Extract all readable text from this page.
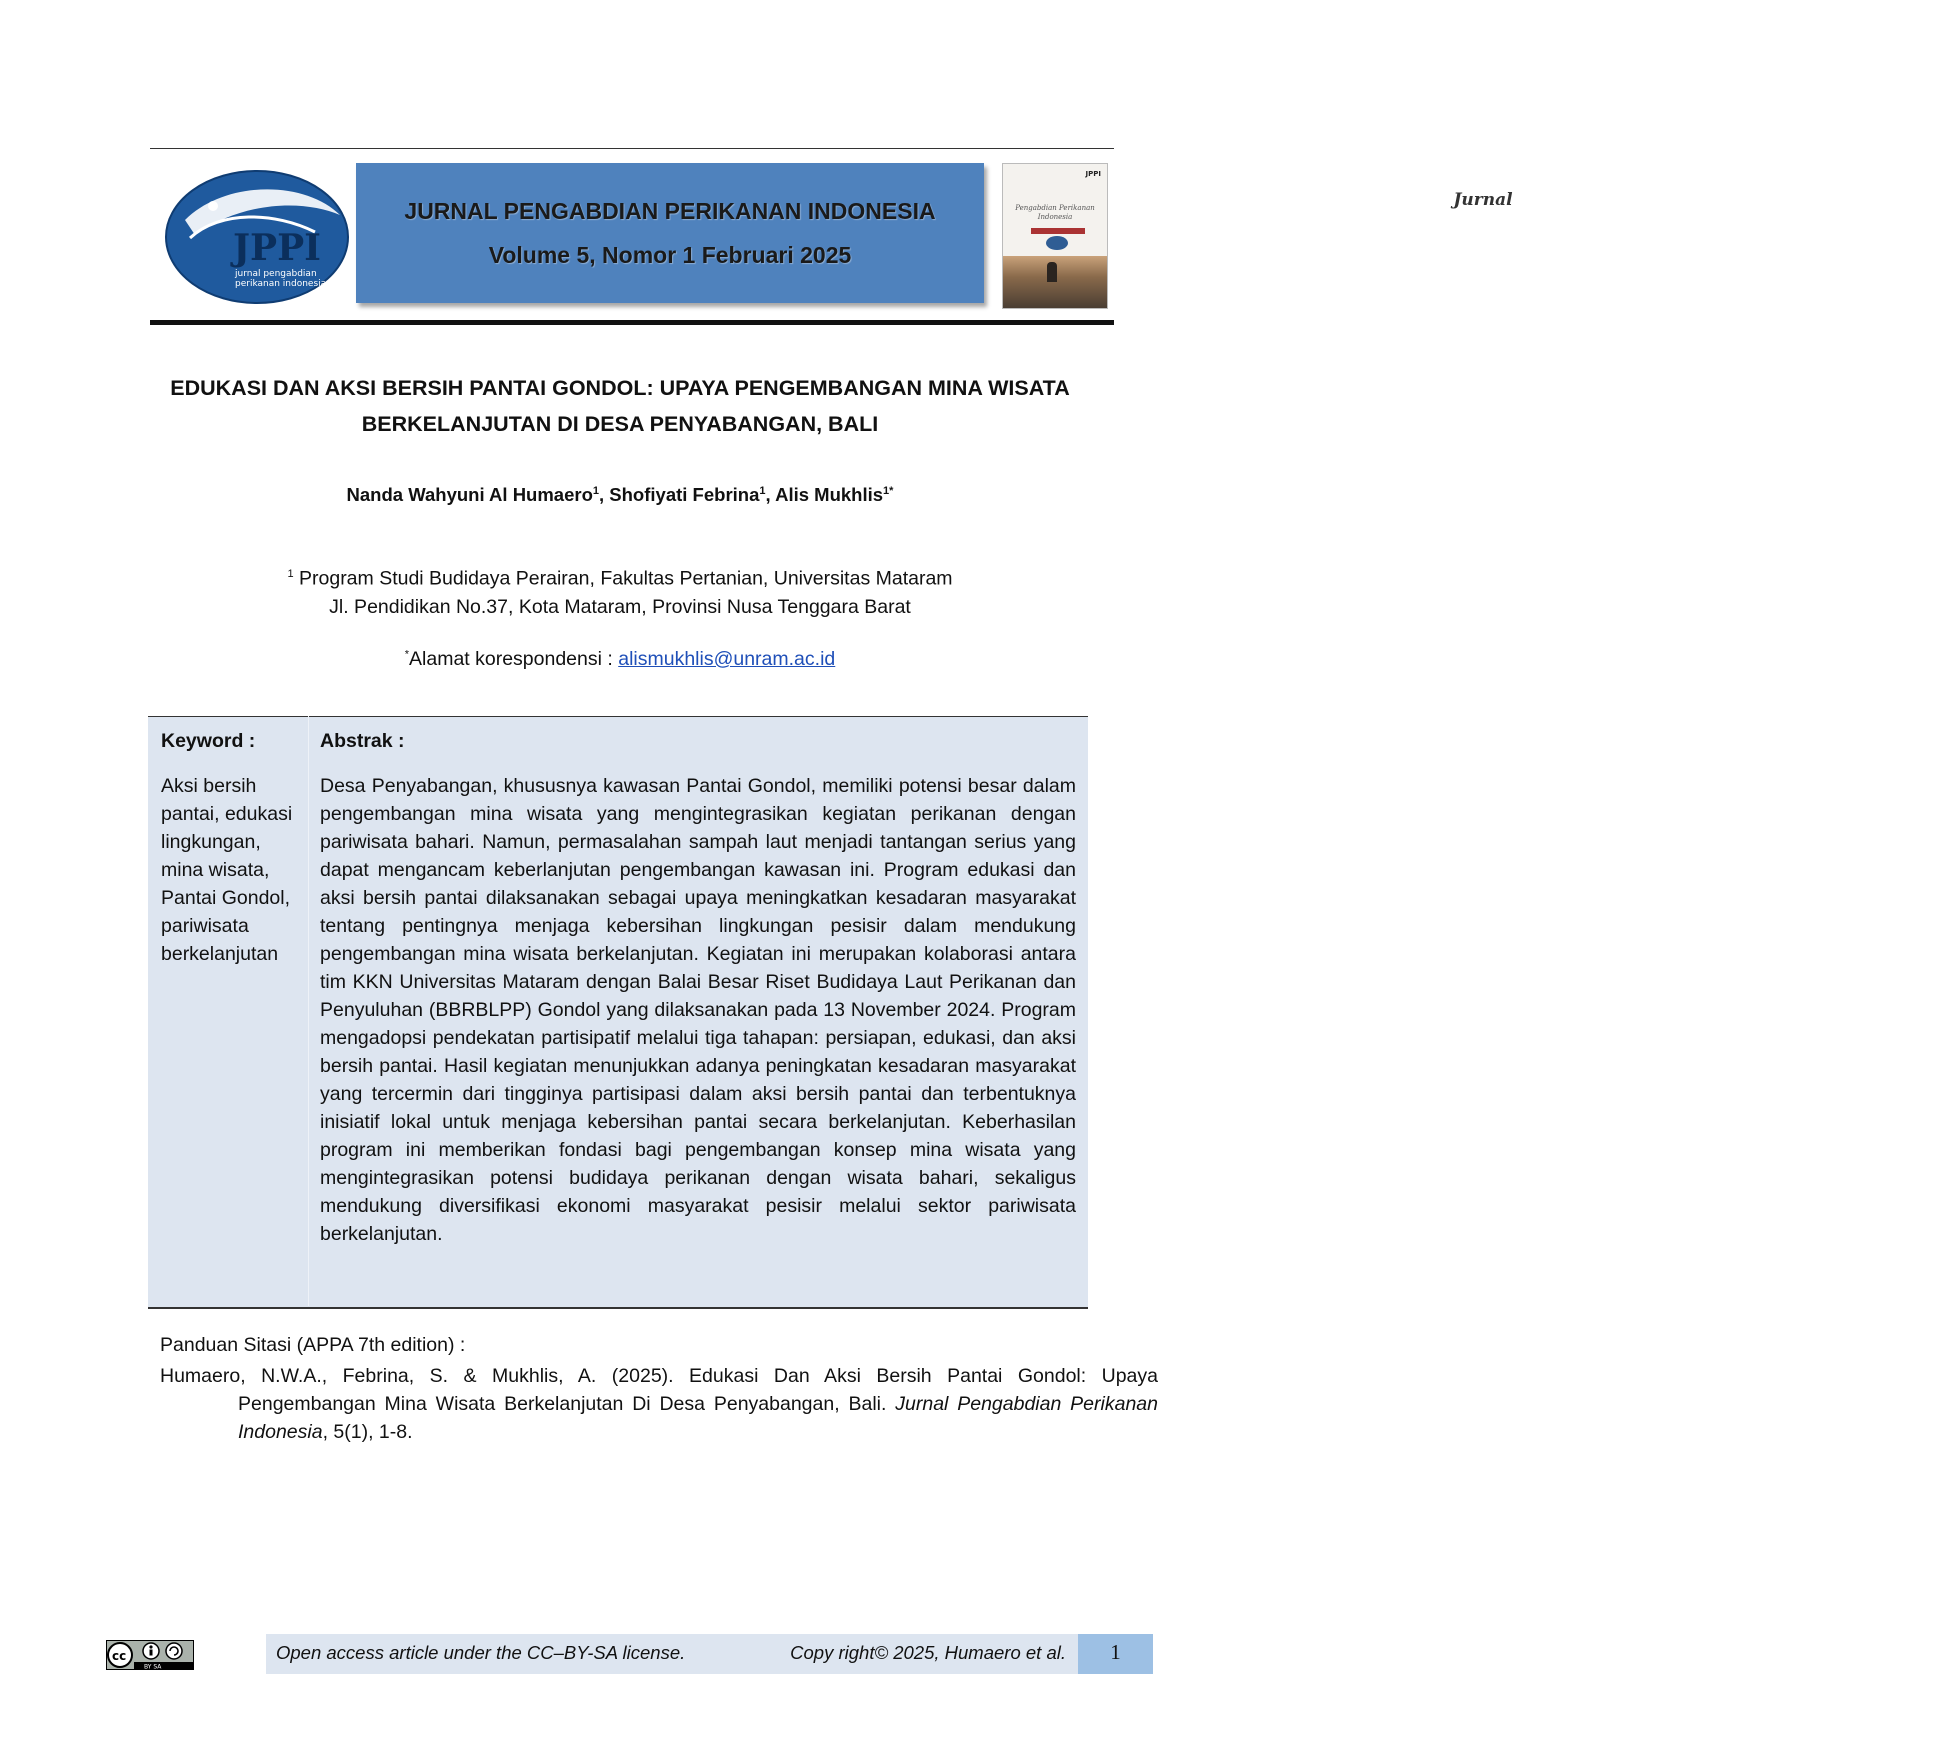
JPPI
jurnal pengabdian
perikanan indonesia
JURNAL PENGABDIAN PERIKANAN INDONESIA
Volume 5, Nomor 1 Februari 2025
JPPI
Jurnal
Pengabdian Perikanan Indonesia
EDUKASI DAN AKSI BERSIH PANTAI GONDOL: UPAYA PENGEMBANGAN MINA WISATA BERKELANJUTAN DI DESA PENYABANGAN, BALI
Nanda Wahyuni Al Humaero$^1$, Shofiyati Febrina$^1$, Alis Mukhlis$^{1*}$
$^1$ Program Studi Budidaya Perairan, Fakultas Pertanian, Universitas Mataram
Jl. Pendidikan No.37, Kota Mataram, Provinsi Nusa Tenggara Barat
*Alamat korespondensi : alismukhlis@unram.ac.id
Keyword :	Abstrak :
Aksi bersih pantai, edukasi lingkungan, mina wisata, Pantai Gondol, pariwisata berkelanjutan
Desa Penyabangan, khususnya kawasan Pantai Gondol, memiliki potensi besar dalam pengembangan mina wisata yang mengintegrasikan kegiatan perikanan dengan pariwisata bahari. Namun, permasalahan sampah laut menjadi tantangan serius yang dapat mengancam keberlanjutan pengembangan kawasan ini. Program edukasi dan aksi bersih pantai dilaksanakan sebagai upaya meningkatkan kesadaran masyarakat tentang pentingnya menjaga kebersihan lingkungan pesisir dalam mendukung pengembangan mina wisata berkelanjutan. Kegiatan ini merupakan kolaborasi antara tim KKN Universitas Mataram dengan Balai Besar Riset Budidaya Laut Perikanan dan Penyuluhan (BBRBLPP) Gondol yang dilaksanakan pada 13 November 2024. Program mengadopsi pendekatan partisipatif melalui tiga tahapan: persiapan, edukasi, dan aksi bersih pantai. Hasil kegiatan menunjukkan adanya peningkatan kesadaran masyarakat yang tercermin dari tingginya partisipasi dalam aksi bersih pantai dan terbentuknya inisiatif lokal untuk menjaga kebersihan pantai secara berkelanjutan. Keberhasilan program ini memberikan fondasi bagi pengembangan konsep mina wisata yang mengintegrasikan potensi budidaya perikanan dengan wisata bahari, sekaligus mendukung diversifikasi ekonomi masyarakat pesisir melalui sektor pariwisata berkelanjutan.
Panduan Sitasi (APPA 7th edition) :
Humaero, N.W.A., Febrina, S. & Mukhlis, A. (2025). Edukasi Dan Aksi Bersih Pantai Gondol: Upaya Pengembangan Mina Wisata Berkelanjutan Di Desa Penyabangan, Bali. Jurnal Pengabdian Perikanan Indonesia, 5(1), 1-8.
cc
BY SA
Open access article under the CC–BY-SA license.	Copy right© 2025, Humaero et al.	1
